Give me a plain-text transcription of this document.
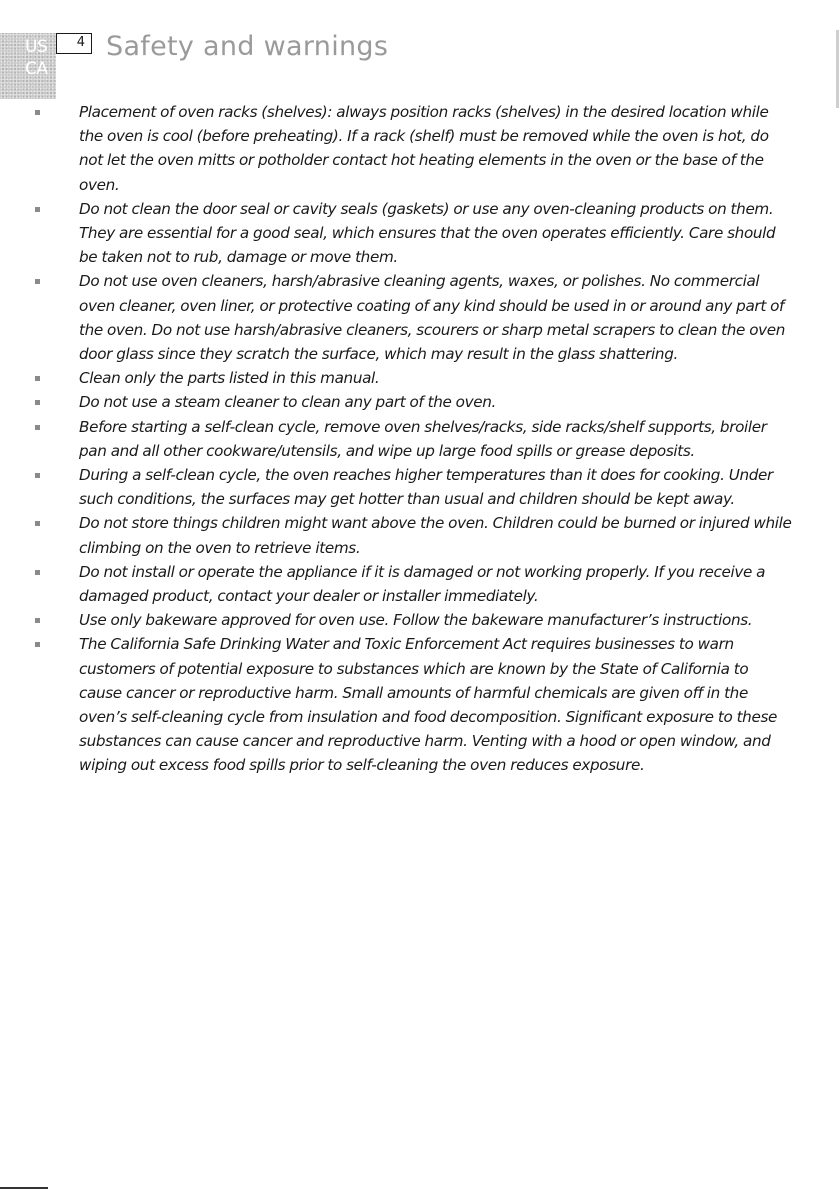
US
CA
4 Safety and warnings
Placement of oven racks (shelves): always position racks (shelves) in the desired location while the oven is cool (before preheating). If a rack (shelf) must be removed while the oven is hot, do not let the oven mitts or potholder contact hot heating elements in the oven or the base of the oven.
Do not clean the door seal or cavity seals (gaskets) or use any oven-cleaning products on them. They are essential for a good seal, which ensures that the oven operates efficiently. Care should be taken not to rub, damage or move them.
Do not use oven cleaners, harsh/abrasive cleaning agents, waxes, or polishes. No commercial oven cleaner, oven liner, or protective coating of any kind should be used in or around any part of the oven. Do not use harsh/abrasive cleaners, scourers or sharp metal scrapers to clean the oven door glass since they scratch the surface, which may result in the glass shattering.
Clean only the parts listed in this manual.
Do not use a steam cleaner to clean any part of the oven.
Before starting a self-clean cycle, remove oven shelves/racks, side racks/shelf supports, broiler pan and all other cookware/utensils, and wipe up large food spills or grease deposits.
During a self-clean cycle, the oven reaches higher temperatures than it does for cooking. Under such conditions, the surfaces may get hotter than usual and children should be kept away.
Do not store things children might want above the oven. Children could be burned or injured while climbing on the oven to retrieve items.
Do not install or operate the appliance if it is damaged or not working properly. If you receive a damaged product, contact your dealer or installer immediately.
Use only bakeware approved for oven use. Follow the bakeware manufacturer’s instructions.
The California Safe Drinking Water and Toxic Enforcement Act requires businesses to warn customers of potential exposure to substances which are known by the State of California to cause cancer or reproductive harm. Small amounts of harmful chemicals are given off in the oven’s self-cleaning cycle from insulation and food decomposition. Significant exposure to these substances can cause cancer and reproductive harm. Venting with a hood or open window, and wiping out excess food spills prior to self-cleaning the oven reduces exposure.
